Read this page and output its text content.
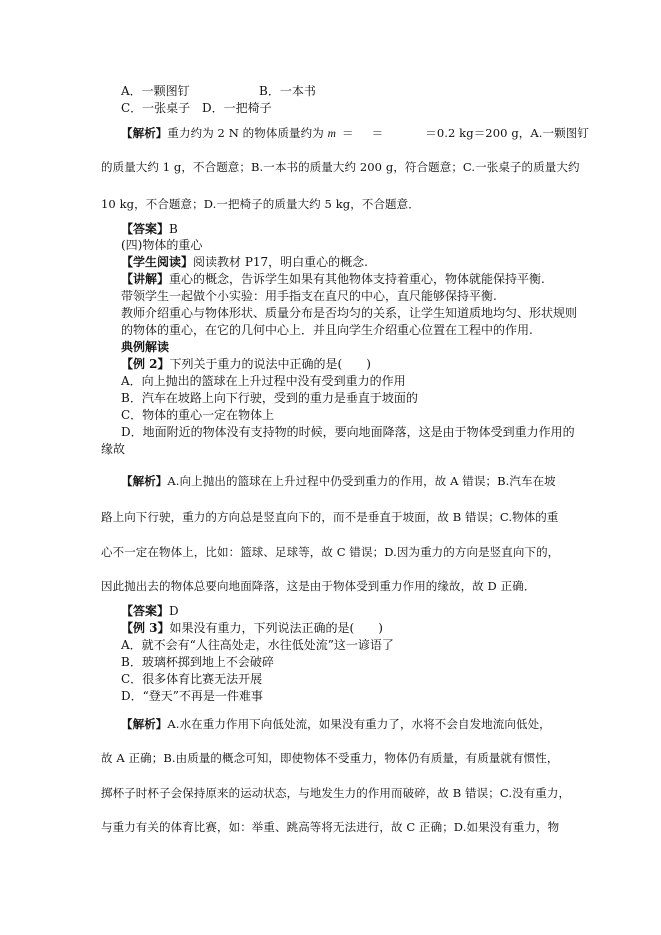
A．一颗图钉	B．一本书
C．一张桌子 D．一把椅子
【解析】重力约为 2 N 的物体质量约为 m ＝ ＝	＝0.2 kg＝200 g，A.一颗图钉
的质量大约 1 g，不合题意；B.一本书的质量大约 200 g，符合题意；C.一张桌子的质量大约
10 kg，不合题意；D.一把椅子的质量大约 5 kg，不合题意．
【答案】B
(四)物体的重心
【学生阅读】阅读教材 P17，明白重心的概念.
【讲解】重心的概念，告诉学生如果有其他物体支持着重心，物体就能保持平衡.
带领学生一起做个小实验：用手指支在直尺的中心，直尺能够保持平衡.
教师介绍重心与物体形状、质量分布是否均匀的关系，让学生知道质地均匀、形状规则
的物体的重心，在它的几何中心上．并且向学生介绍重心位置在工程中的作用.
典例解读
【例 2】下列关于重力的说法中正确的是(　　)
A．向上抛出的篮球在上升过程中没有受到重力的作用
B．汽车在坡路上向下行驶，受到的重力是垂直于坡面的
C．物体的重心一定在物体上
D．地面附近的物体没有支持物的时候，要向地面降落，这是由于物体受到重力作用的
缘故
【解析】A.向上抛出的篮球在上升过程中仍受到重力的作用，故 A 错误；B.汽车在坡
路上向下行驶，重力的方向总是竖直向下的，而不是垂直于坡面，故 B 错误；C.物体的重
心不一定在物体上，比如：篮球、足球等，故 C 错误；D.因为重力的方向是竖直向下的，
因此抛出去的物体总要向地面降落，这是由于物体受到重力作用的缘故，故 D 正确．
【答案】D
【例 3】如果没有重力，下列说法正确的是(　　)
A．就不会有“人往高处走，水往低处流”这一谚语了
B．玻璃杯掷到地上不会破碎
C．很多体育比赛无法开展
D．“登天”不再是一件难事
【解析】A.水在重力作用下向低处流，如果没有重力了，水将不会自发地流向低处，
故 A 正确；B.由质量的概念可知，即使物体不受重力，物体仍有质量，有质量就有惯性，
掷杯子时杯子会保持原来的运动状态，与地发生力的作用而破碎，故 B 错误；C.没有重力，
与重力有关的体育比赛，如：举重、跳高等将无法进行，故 C 正确；D.如果没有重力，物
